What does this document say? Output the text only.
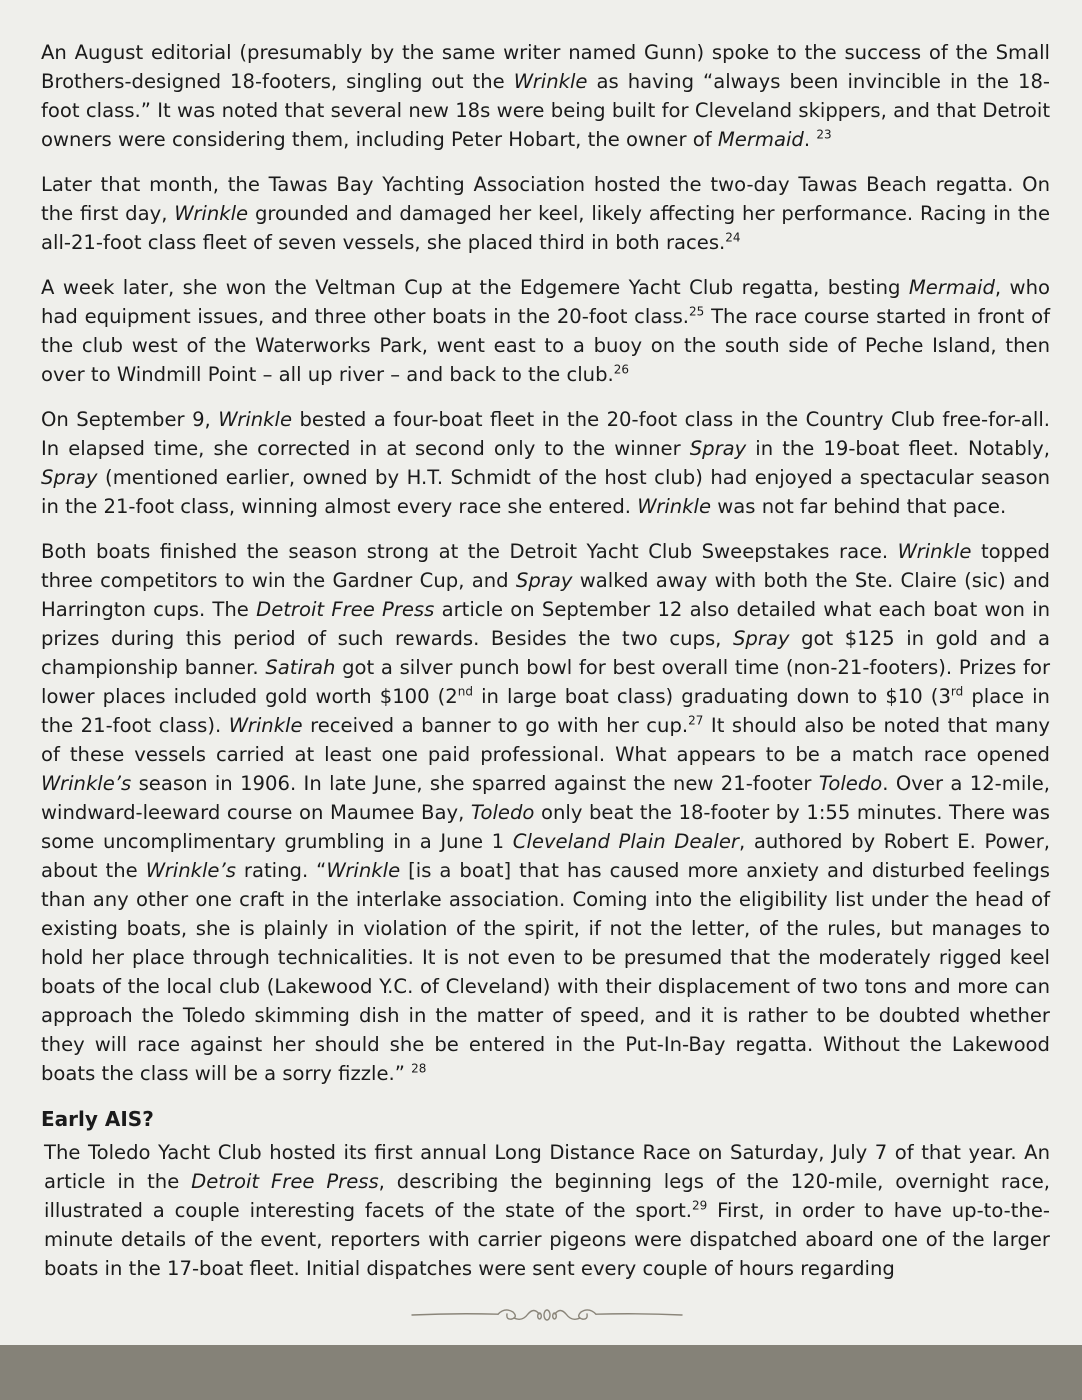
An August editorial (presumably by the same writer named Gunn) spoke to the success of the Small Brothers-designed 18-footers, singling out the Wrinkle as having “always been invincible in the 18-foot class.” It was noted that several new 18s were being built for Cleveland skippers, and that Detroit owners were considering them, including Peter Hobart, the owner of Mermaid. $^{23}$

Later that month, the Tawas Bay Yachting Association hosted the two-day Tawas Beach regatta. On the first day, Wrinkle grounded and damaged her keel, likely affecting her performance. Racing in the all-21-foot class fleet of seven vessels, she placed third in both races.$^{24}$

A week later, she won the Veltman Cup at the Edgemere Yacht Club regatta, besting Mermaid, who had equipment issues, and three other boats in the 20-foot class.$^{25}$ The race course started in front of the club west of the Waterworks Park, went east to a buoy on the south side of Peche Island, then over to Windmill Point – all up river – and back to the club.$^{26}$

On September 9, Wrinkle bested a four-boat fleet in the 20-foot class in the Country Club free-for-all. In elapsed time, she corrected in at second only to the winner Spray in the 19-boat fleet. Notably, Spray (mentioned earlier, owned by H.T. Schmidt of the host club) had enjoyed a spectacular season in the 21-foot class, winning almost every race she entered. Wrinkle was not far behind that pace.

Both boats finished the season strong at the Detroit Yacht Club Sweepstakes race. Wrinkle topped three competitors to win the Gardner Cup, and Spray walked away with both the Ste. Claire (sic) and Harrington cups. The Detroit Free Press article on September 12 also detailed what each boat won in prizes during this period of such rewards. Besides the two cups, Spray got $125 in gold and a championship banner. Satirah got a silver punch bowl for best overall time (non-21-footers). Prizes for lower places included gold worth $100 (2nd in large boat class) graduating down to $10 (3rd place in the 21-foot class). Wrinkle received a banner to go with her cup.$^{27}$ It should also be noted that many of these vessels carried at least one paid professional. What appears to be a match race opened Wrinkle’s season in 1906. In late June, she sparred against the new 21-footer Toledo. Over a 12-mile, windward-leeward course on Maumee Bay, Toledo only beat the 18-footer by 1:55 minutes. There was some uncomplimentary grumbling in a June 1 Cleveland Plain Dealer, authored by Robert E. Power, about the Wrinkle’s rating. “Wrinkle [is a boat] that has caused more anxiety and disturbed feelings than any other one craft in the interlake association. Coming into the eligibility list under the head of existing boats, she is plainly in violation of the spirit, if not the letter, of the rules, but manages to hold her place through technicalities. It is not even to be presumed that the moderately rigged keel boats of the local club (Lakewood Y.C. of Cleveland) with their displacement of two tons and more can approach the Toledo skimming dish in the matter of speed, and it is rather to be doubted whether they will race against her should she be entered in the Put-In-Bay regatta. Without the Lakewood boats the class will be a sorry fizzle.” $^{28}$

Early AIS?

The Toledo Yacht Club hosted its first annual Long Distance Race on Saturday, July 7 of that year. An article in the Detroit Free Press, describing the beginning legs of the 120-mile, overnight race, illustrated a couple interesting facets of the state of the sport.$^{29}$ First, in order to have up-to-the-minute details of the event, reporters with carrier pigeons were dispatched aboard one of the larger boats in the 17-boat fleet. Initial dispatches were sent every couple of hours regarding
